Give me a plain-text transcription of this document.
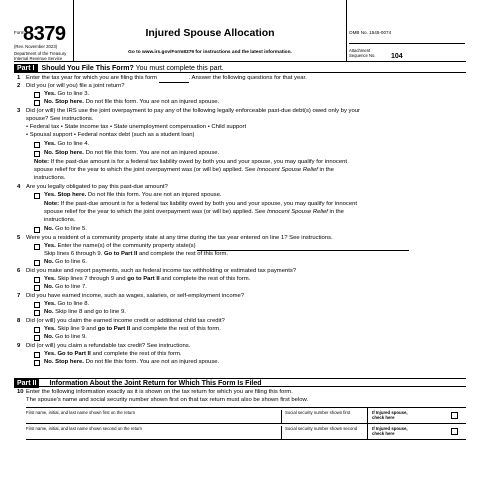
Form
8379
(Rev. November 2023)
Department of the Treasury
Internal Revenue Service
Injured Spouse Allocation
Go to www.irs.gov/Form8379 for instructions and the latest information.
OMB No. 1545-0074
Attachment
Sequence No. 104
Part I Should You File This Form? You must complete this part.
1 Enter the tax year for which you are filing this form	. Answer the following questions for that year.
2 Did you (or will you) file a joint return?
Yes. Go to line 3.
No. Stop here. Do not file this form. You are not an injured spouse.
3 Did (or will) the IRS use the joint overpayment to pay any of the following legally enforceable past-due debt(s) owed only by your
spouse? See instructions.
• Federal tax • State income tax • State unemployment compensation • Child support
• Spousal support • Federal nontax debt (such as a student loan)
Yes. Go to line 4.
No. Stop here. Do not file this form. You are not an injured spouse.
Note: If the past-due amount is for a federal tax liability owed by both you and your spouse, you may qualify for innocent
spouse relief for the year to which the joint overpayment was (or will be) applied. See Innocent Spouse Relief in the
instructions.
4 Are you legally obligated to pay this past-due amount?
Yes. Stop here. Do not file this form. You are not an injured spouse.
Note: If the past-due amount is for a federal tax liability owed by both you and your spouse, you may qualify for innocent
spouse relief for the year to which the joint overpayment was (or will be) applied. See Innocent Spouse Relief in the
instructions.
No. Go to line 5.
5 Were you a resident of a community property state at any time during the tax year entered on line 1? See instructions.
Yes. Enter the name(s) of the community property state(s)
Skip lines 6 through 9. Go to Part II and complete the rest of this form.
No. Go to line 6.
6 Did you make and report payments, such as federal income tax withholding or estimated tax payments?
Yes. Skip lines 7 through 9 and go to Part II and complete the rest of this form.
No. Go to line 7.
7 Did you have earned income, such as wages, salaries, or self-employment income?
Yes. Go to line 8.
No. Skip line 8 and go to line 9.
8 Did (or will) you claim the earned income credit or additional child tax credit?
Yes. Skip line 9 and go to Part II and complete the rest of this form.
No. Go to line 9.
9 Did (or will) you claim a refundable tax credit? See instructions.
Yes. Go to Part II and complete the rest of this form.
No. Stop here. Do not file this form. You are not an injured spouse.
Part II Information About the Joint Return for Which This Form Is Filed
10 Enter the following information exactly as it is shown on the tax return for which you are filing this form.
The spouse's name and social security number shown first on that tax return must also be shown first below.
First name, initial, and last name shown first on the return	Social security number shown first	If Injured spouse,
check here
First name, initial, and last name shown second on the return	Social security number shown second	If Injured spouse,
check here
